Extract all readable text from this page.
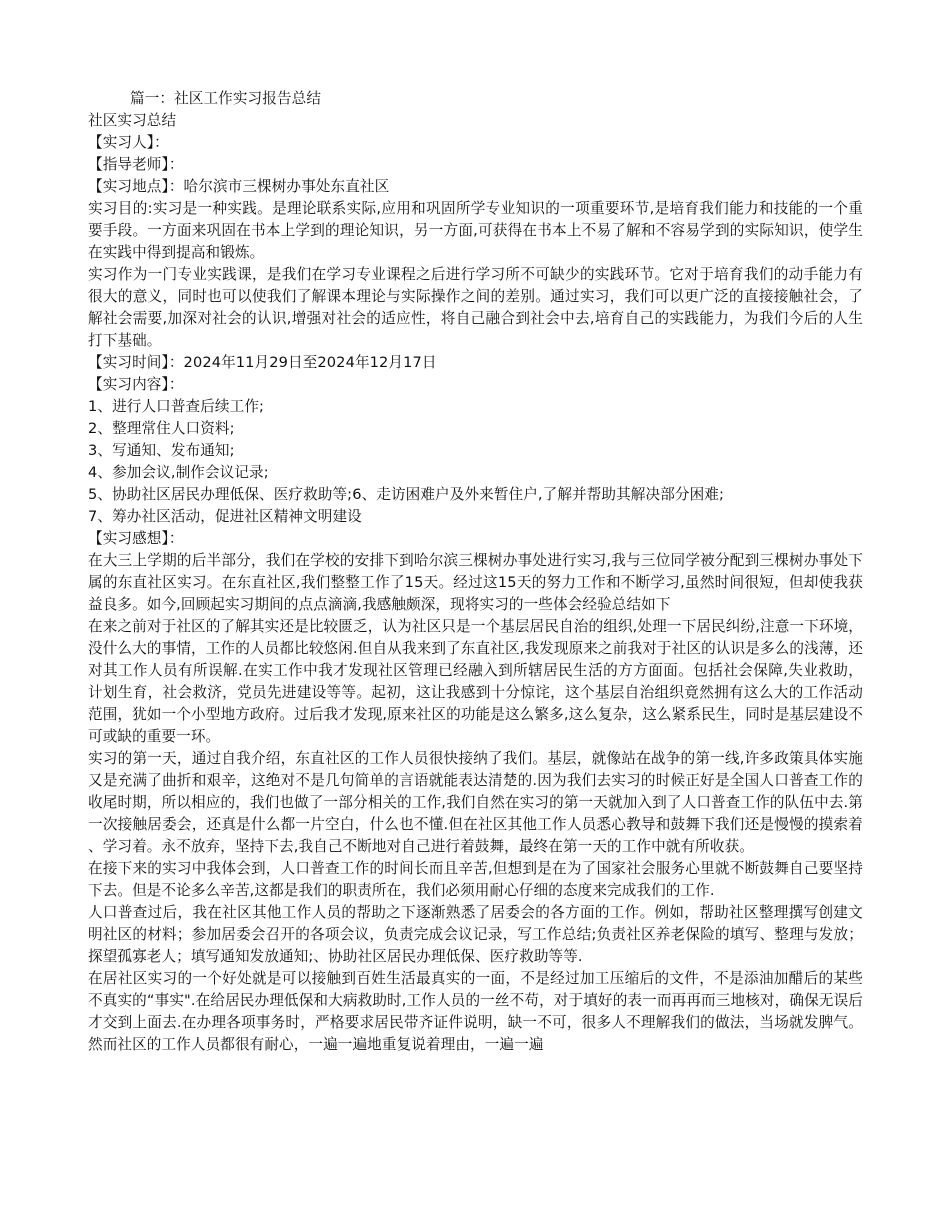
篇一：社区工作实习报告总结

社区实习总结

【实习人】：

【指导老师】：

【实习地点】：哈尔滨市三棵树办事处东直社区

实习目的:实习是一种实践。是理论联系实际,应用和巩固所学专业知识的一项重要环节,是培育我们能力和技能的一个重要手段。一方面来巩固在书本上学到的理论知识，另一方面,可获得在书本上不易了解和不容易学到的实际知识，使学生在实践中得到提高和锻炼。

实习作为一门专业实践课，是我们在学习专业课程之后进行学习所不可缺少的实践环节。它对于培育我们的动手能力有很大的意义，同时也可以使我们了解课本理论与实际操作之间的差别。通过实习，我们可以更广泛的直接接触社会，了解社会需要,加深对社会的认识,增强对社会的适应性，将自己融合到社会中去,培育自己的实践能力，为我们今后的人生打下基础。

【实习时间】：2024年11月29日至2024年12月17日

【实习内容】：

1、进行人口普查后续工作;
2、整理常住人口资料;
3、写通知、发布通知;
4、参加会议,制作会议记录;
5、协助社区居民办理低保、医疗救助等;6、走访困难户及外来暂住户,了解并帮助其解决部分困难;
7、筹办社区活动，促进社区精神文明建设

【实习感想】：

在大三上学期的后半部分，我们在学校的安排下到哈尔滨三棵树办事处进行实习,我与三位同学被分配到三棵树办事处下属的东直社区实习。在东直社区,我们整整工作了15天。经过这15天的努力工作和不断学习,虽然时间很短，但却使我获益良多。如今,回顾起实习期间的点点滴滴,我感触颇深，现将实习的一些体会经验总结如下

在来之前对于社区的了解其实还是比较匮乏，认为社区只是一个基层居民自治的组织,处理一下居民纠纷,注意一下环境，没什么大的事情，工作的人员都比较悠闲.但自从我来到了东直社区,我发现原来之前我对于社区的认识是多么的浅薄，还对其工作人员有所误解.在实工作中我才发现社区管理已经融入到所辖居民生活的方方面面。包括社会保障,失业救助， 计划生育，社会救济，党员先进建设等等。起初，这让我感到十分惊诧，这个基层自治组织竟然拥有这么大的工作活动范围，犹如一个小型地方政府。过后我才发现,原来社区的功能是这么繁多,这么复杂，这么紧系民生，同时是基层建设不可或缺的重要一环。

实习的第一天，通过自我介绍，东直社区的工作人员很快接纳了我们。基层，就像站在战争的第一线,许多政策具体实施又是充满了曲折和艰辛，这绝对不是几句简单的言语就能表达清楚的.因为我们去实习的时候正好是全国人口普查工作的收尾时期，所以相应的，我们也做了一部分相关的工作,我们自然在实习的第一天就加入到了人口普查工作的队伍中去.第一次接触居委会，还真是什么都一片空白，什么也不懂.但在社区其他工作人员悉心教导和鼓舞下我们还是慢慢的摸索着、学习着。永不放弃，坚持下去,我自己不断地对自己进行着鼓舞，最终在第一天的工作中就有所收获。

在接下来的实习中我体会到，人口普查工作的时间长而且辛苦,但想到是在为了国家社会服务心里就不断鼓舞自己要坚持下去。但是不论多么辛苦,这都是我们的职责所在，我们必须用耐心仔细的态度来完成我们的工作.

人口普查过后，我在社区其他工作人员的帮助之下逐渐熟悉了居委会的各方面的工作。例如，帮助社区整理撰写创建文明社区的材料；参加居委会召开的各项会议，负责完成会议记录，写工作总结;负责社区养老保险的填写、整理与发放；探望孤寡老人；填写通知发放通知;、协助社区居民办理低保、医疗救助等等.

在居社区实习的一个好处就是可以接触到百姓生活最真实的一面，不是经过加工压缩后的文件，不是添油加醋后的某些不真实的“事实".在给居民办理低保和大病救助时,工作人员的一丝不苟，对于填好的表一而再再而三地核对，确保无误后才交到上面去.在办理各项事务时，严格要求居民带齐证件说明，缺一不可，很多人不理解我们的做法，当场就发脾气。然而社区的工作人员都很有耐心，一遍一遍地重复说着理由，一遍一遍
